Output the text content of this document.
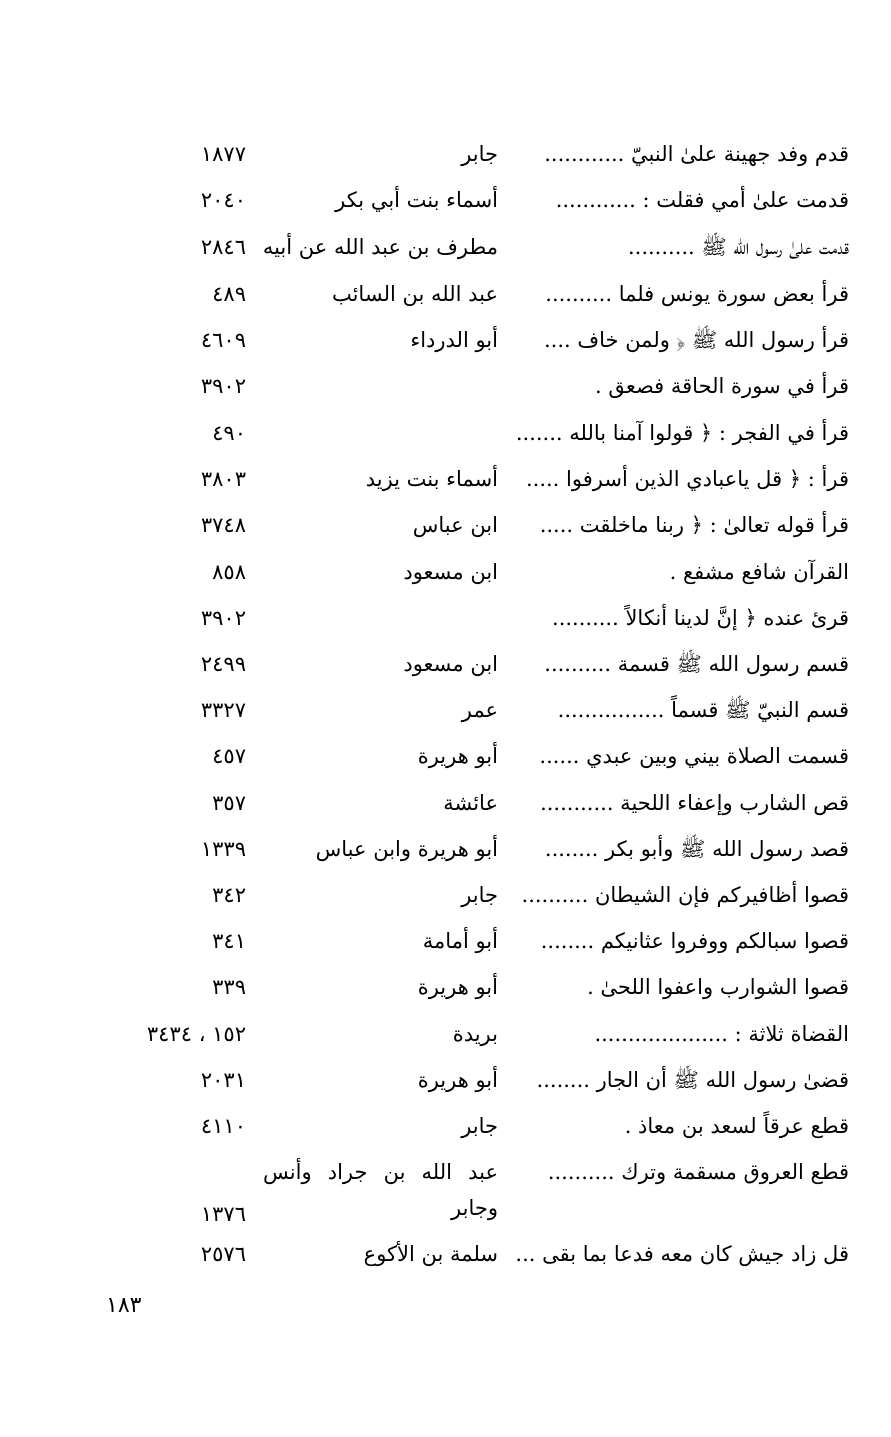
قدم وفد جهينة علىٰ النبيّ ............
جابر
١٨٧٧
قدمت علىٰ أمي فقلت : ............
أسماء بنت أبي بكر
٢٠٤٠
قدمت علىٰ رسول الله ﷺ ..........
مطرف بن عبد الله عن أبيه
٢٨٤٦
قرأ بعض سورة يونس فلما ..........
عبد الله بن السائب
٤٨٩
قرأ رسول الله ﷺ ﴿ ولمن خاف ....
أبو الدرداء
٤٦٠٩
قرأ في سورة الحاقة فصعق .
٣٩٠٢
قرأ في الفجر : ﴿ قولوا آمنا بالله .......
٤٩٠
قرأ : ﴿ قل ياعبادي الذين أسرفوا .....
أسماء بنت يزيد
٣٨٠٣
قرأ قوله تعالىٰ : ﴿ ربنا ماخلقت .....
ابن عباس
٣٧٤٨
القرآن شافع مشفع .
ابن مسعود
٨٥٨
قرئ عنده ﴿ إنَّ لدينا أنكالاً ..........
٣٩٠٢
قسم رسول الله ﷺ قسمة ..........
ابن مسعود
٢٤٩٩
قسم النبيّ ﷺ قسماً ................
عمر
٣٣٢٧
قسمت الصلاة بيني وبين عبدي ......
أبو هريرة
٤٥٧
قص الشارب وإعفاء اللحية ...........
عائشة
٣٥٧
قصد رسول الله ﷺ وأبو بكر ........
أبو هريرة وابن عباس
١٣٣٩
قصوا أظافيركم فإن الشيطان ..........
جابر
٣٤٢
قصوا سبالكم ووفروا عثانيكم ........
أبو أمامة
٣٤١
قصوا الشوارب واعفوا اللحىٰ .
أبو هريرة
٣٣٩
القضاة ثلاثة : ....................
بريدة
١٥٢ ، ٣٤٣٤
قضىٰ رسول الله ﷺ أن الجار ........
أبو هريرة
٢٠٣١
قطع عرقاً لسعد بن معاذ .
جابر
٤١١٠
قطع العروق مسقمة وترك ..........
عبد الله بن جراد وأنس وجابر
١٣٧٦
قل زاد جيش كان معه فدعا بما بقى ...
سلمة بن الأكوع
٢٥٧٦
١٨٣
